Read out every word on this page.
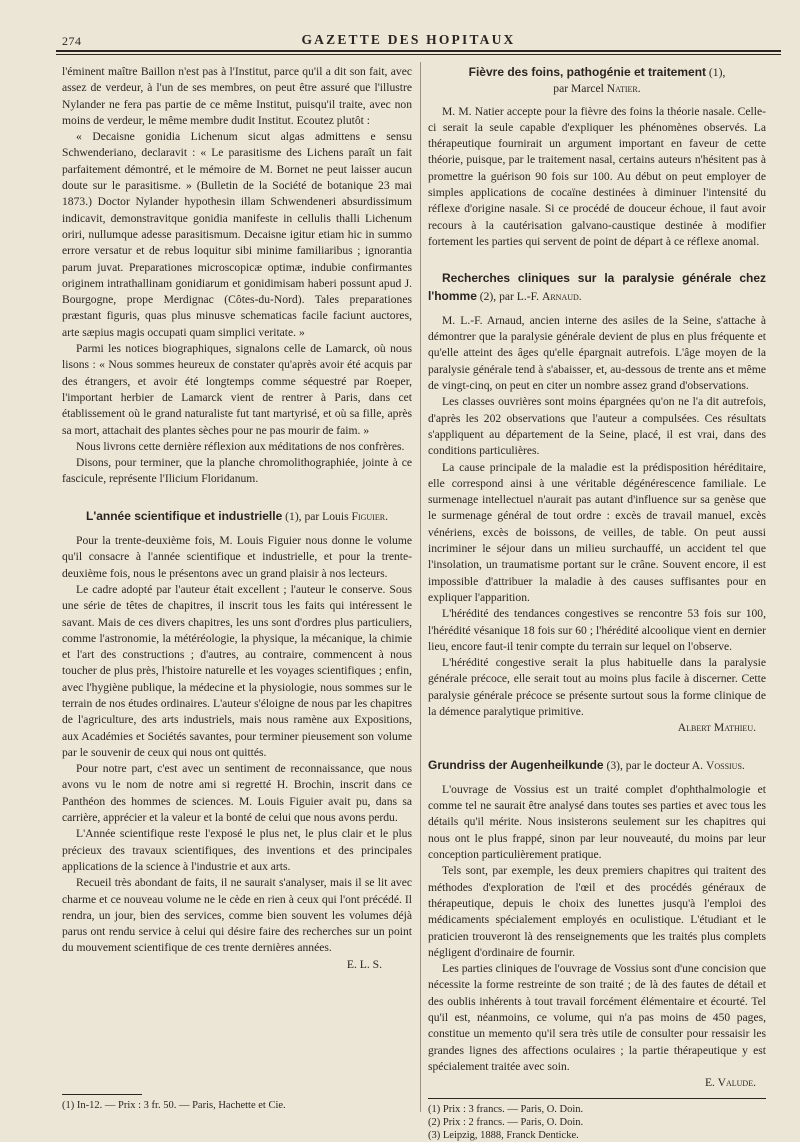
274	GAZETTE DES HOPITAUX

l'éminent maître Baillon n'est pas à l'Institut, parce qu'il a dit son fait, avec assez de verdeur, à l'un de ses membres, on peut être assuré que l'illustre Nylander ne fera pas partie de ce même Institut, puisqu'il traite, avec non moins de verdeur, le même membre dudit Institut. Ecoutez plutôt :

« Decaisne gonidia Lichenum sicut algas admittens e sensu Schwenderiano, declaravit : « Le parasitisme des Lichens paraît un fait parfaitement démontré, et le mémoire de M. Bornet ne peut laisser aucun doute sur le parasitisme. » (Bulletin de la Société de botanique 23 mai 1873.) Doctor Nylander hypothesin illam Schwendeneri absurdissimum indicavit, demonstravitque gonidia manifeste in cellulis thalli Lichenum oriri, nullumque adesse parasitismum. Decaisne igitur etiam hic in summo errore versatur et de rebus loquitur sibi minime familiaribus ; ignorantia parum juvat. Preparationes microscopicæ optimæ, indubie confirmantes originem intrathallinam gonidiarum et gonidimisam haberi possunt apud J. Bourgogne, prope Merdignac (Côtes-du-Nord). Tales preparationes præstant figuris, quas plus minusve schematicas facile faciunt auctores, arte sæpius magis occupati quam simplici veritate. »

Parmi les notices biographiques, signalons celle de Lamarck, où nous lisons : « Nous sommes heureux de constater qu'après avoir été acquis par des étrangers, et avoir été longtemps comme séquestré par Roeper, l'important herbier de Lamarck vient de rentrer à Paris, dans cet établissement où le grand naturaliste fut tant martyrisé, et où sa fille, après sa mort, attachait des plantes sèches pour ne pas mourir de faim. »

Nous livrons cette dernière réflexion aux méditations de nos confrères.

Disons, pour terminer, que la planche chromolithographiée, jointe à ce fascicule, représente l'Ilicium Floridanum.

L'année scientifique et industrielle (1), par Louis Figuier.

Pour la trente-deuxième fois, M. Louis Figuier nous donne le volume qu'il consacre à l'année scientifique et industrielle, et pour la trente-deuxième fois, nous le présentons avec un grand plaisir à nos lecteurs.

Le cadre adopté par l'auteur était excellent ; l'auteur le conserve. Sous une série de têtes de chapitres, il inscrit tous les faits qui intéressent le savant. Mais de ces divers chapitres, les uns sont d'ordres plus particuliers, comme l'astronomie, la météréologie, la physique, la mécanique, la chimie et l'art des constructions ; d'autres, au contraire, commencent à nous toucher de plus près, l'histoire naturelle et les voyages scientifiques ; enfin, avec l'hygiène publique, la médecine et la physiologie, nous sommes sur le terrain de nos études ordinaires. L'auteur s'éloigne de nous par les chapitres de l'agriculture, des arts industriels, mais nous ramène aux Expositions, aux Académies et Sociétés savantes, pour terminer pieusement son volume par le souvenir de ceux qui nous ont quittés.

Pour notre part, c'est avec un sentiment de reconnaissance, que nous avons vu le nom de notre ami si regretté H. Brochin, inscrit dans ce Panthéon des hommes de sciences. M. Louis Figuier avait pu, dans sa carrière, apprécier et la valeur et la bonté de celui que nous avons perdu.

L'Année scientifique reste l'exposé le plus net, le plus clair et le plus précieux des travaux scientifiques, des inventions et des principales applications de la science à l'industrie et aux arts.

Recueil très abondant de faits, il ne saurait s'analyser, mais il se lit avec charme et ce nouveau volume ne le cède en rien à ceux qui l'ont précédé. Il rendra, un jour, bien des services, comme bien souvent les volumes déjà parus ont rendu service à celui qui désire faire des recherches sur un point du mouvement scientifique de ces trente dernières années.

E. L. S.

(1) In-12. — Prix : 3 fr. 50. — Paris, Hachette et Cie.

Fièvre des foins, pathogénie et traitement (1),

par Marcel Natier.

M. M. Natier accepte pour la fièvre des foins la théorie nasale. Celle-ci serait la seule capable d'expliquer les phénomènes observés. La thérapeutique fournirait un argument important en faveur de cette théorie, puisque, par le traitement nasal, certains auteurs n'hésitent pas à promettre la guérison 90 fois sur 100. Au début on peut employer de simples applications de cocaïne destinées à diminuer l'intensité du réflexe d'origine nasale. Si ce procédé de douceur échoue, il faut avoir recours à la cautérisation galvano-caustique destinée à modifier fortement les parties qui servent de point de départ à ce réflexe anomal.

Recherches cliniques sur la paralysie générale chez l'homme (2), par L.-F. Arnaud.

M. L.-F. Arnaud, ancien interne des asiles de la Seine, s'attache à démontrer que la paralysie générale devient de plus en plus fréquente et qu'elle atteint des âges qu'elle épargnait autrefois. L'âge moyen de la paralysie générale tend à s'abaisser, et, au-dessous de trente ans et même de vingt-cinq, on peut en citer un nombre assez grand d'observations.

Les classes ouvrières sont moins épargnées qu'on ne l'a dit autrefois, d'après les 202 observations que l'auteur a compulsées. Ces résultats s'appliquent au département de la Seine, placé, il est vrai, dans des conditions particulières.

La cause principale de la maladie est la prédisposition héréditaire, elle correspond ainsi à une véritable dégénérescence familiale. Le surmenage intellectuel n'aurait pas autant d'influence sur sa genèse que le surmenage général de tout ordre : excès de travail manuel, excès vénériens, excès de boissons, de veilles, de table. On peut aussi incriminer le séjour dans un milieu surchauffé, un accident tel que l'insolation, un traumatisme portant sur le crâne. Souvent encore, il est impossible d'attribuer la maladie à des causes suffisantes pour en expliquer l'apparition.

L'hérédité des tendances congestives se rencontre 53 fois sur 100, l'hérédité vésanique 18 fois sur 60 ; l'hérédité alcoolique vient en dernier lieu, encore faut-il tenir compte du terrain sur lequel on l'observe.

L'hérédité congestive serait la plus habituelle dans la paralysie générale précoce, elle serait tout au moins plus facile à discerner. Cette paralysie générale précoce se présente surtout sous la forme clinique de la démence paralytique primitive.

Albert Mathieu.

Grundriss der Augenheilkunde (3), par le docteur A. Vossius.

L'ouvrage de Vossius est un traité complet d'ophthalmologie et comme tel ne saurait être analysé dans toutes ses parties et avec tous les détails qu'il mérite. Nous insisterons seulement sur les chapitres qui nous ont le plus frappé, sinon par leur nouveauté, du moins par leur conception particulièrement pratique.

Tels sont, par exemple, les deux premiers chapitres qui traitent des méthodes d'exploration de l'œil et des procédés généraux de thérapeutique, depuis le choix des lunettes jusqu'à l'emploi des médicaments spécialement employés en oculistique. L'étudiant et le praticien trouveront là des renseignements que les traités plus complets négligent d'ordinaire de fournir.

Les parties cliniques de l'ouvrage de Vossius sont d'une concision que nécessite la forme restreinte de son traité ; de là des fautes de détail et des oublis inhérents à tout travail forcément élémentaire et écourté. Tel qu'il est, néanmoins, ce volume, qui n'a pas moins de 450 pages, constitue un memento qu'il sera très utile de consulter pour ressaisir les grandes lignes des affections oculaires ; la partie thérapeutique y est spécialement traitée avec soin.

E. Valude.

(1) Prix : 3 francs. — Paris, O. Doin.

(2) Prix : 2 francs. — Paris, O. Doin.

(3) Leipzig, 1888, Franck Denticke.
